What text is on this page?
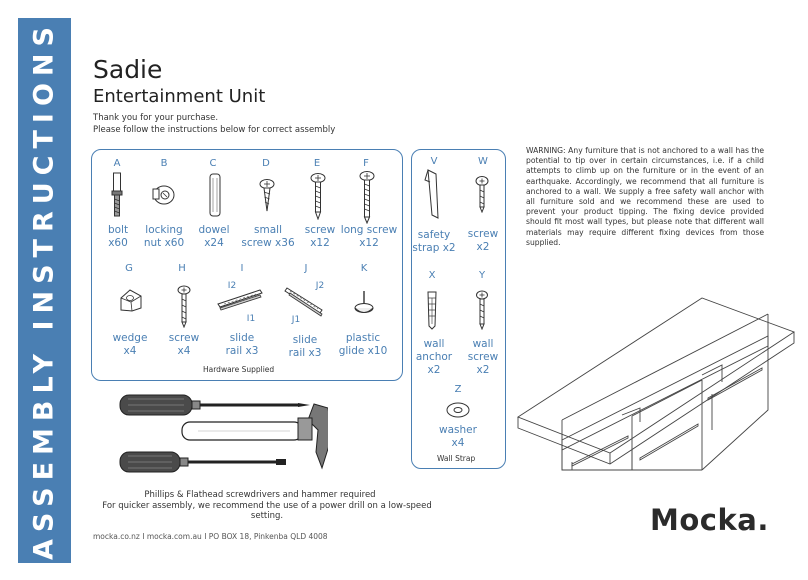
ASSEMBLY INSTRUCTIONS Sadie
Entertainment Unit
Thank you for your purchase.
Please follow the instructions below for correct assembly
Hardware Supplied
A	B	C	D	E	F
bolt
x60
locking
nut x60
dowel
x24
small
screw x36
screw
x12
long screw
x12
G	H	I	J	K
I2
I1
J2
J1
wedge
x4
screw
x4
slide
rail x3
slide
rail x3
plastic
glide x10
Wall Strap
V	W
safety
strap x2
screw
x2
X	Y
wall
anchor
x2
wall
screw
x2
Z
washer
x4
WARNING: Any furniture that is not anchored to a wall has the potential to tip over in certain circumstances, i.e. if a child attempts to climb up on the furniture or in the event of an earthquake. Accordingly, we recommend that all furniture is anchored to a wall. We supply a free safety wall anchor with all furniture sold and we recommend these are used to prevent your product tipping. The fixing device provided should fit most wall types, but please note that different wall materials may require different fixing devices from those supplied.
Phillips & Flathead screwdrivers and hammer required
For quicker assembly, we recommend the use of a power drill on a low-speed setting.
mocka.co.nz I mocka.com.au I PO BOX 18, Pinkenba QLD 4008	Mocka.
